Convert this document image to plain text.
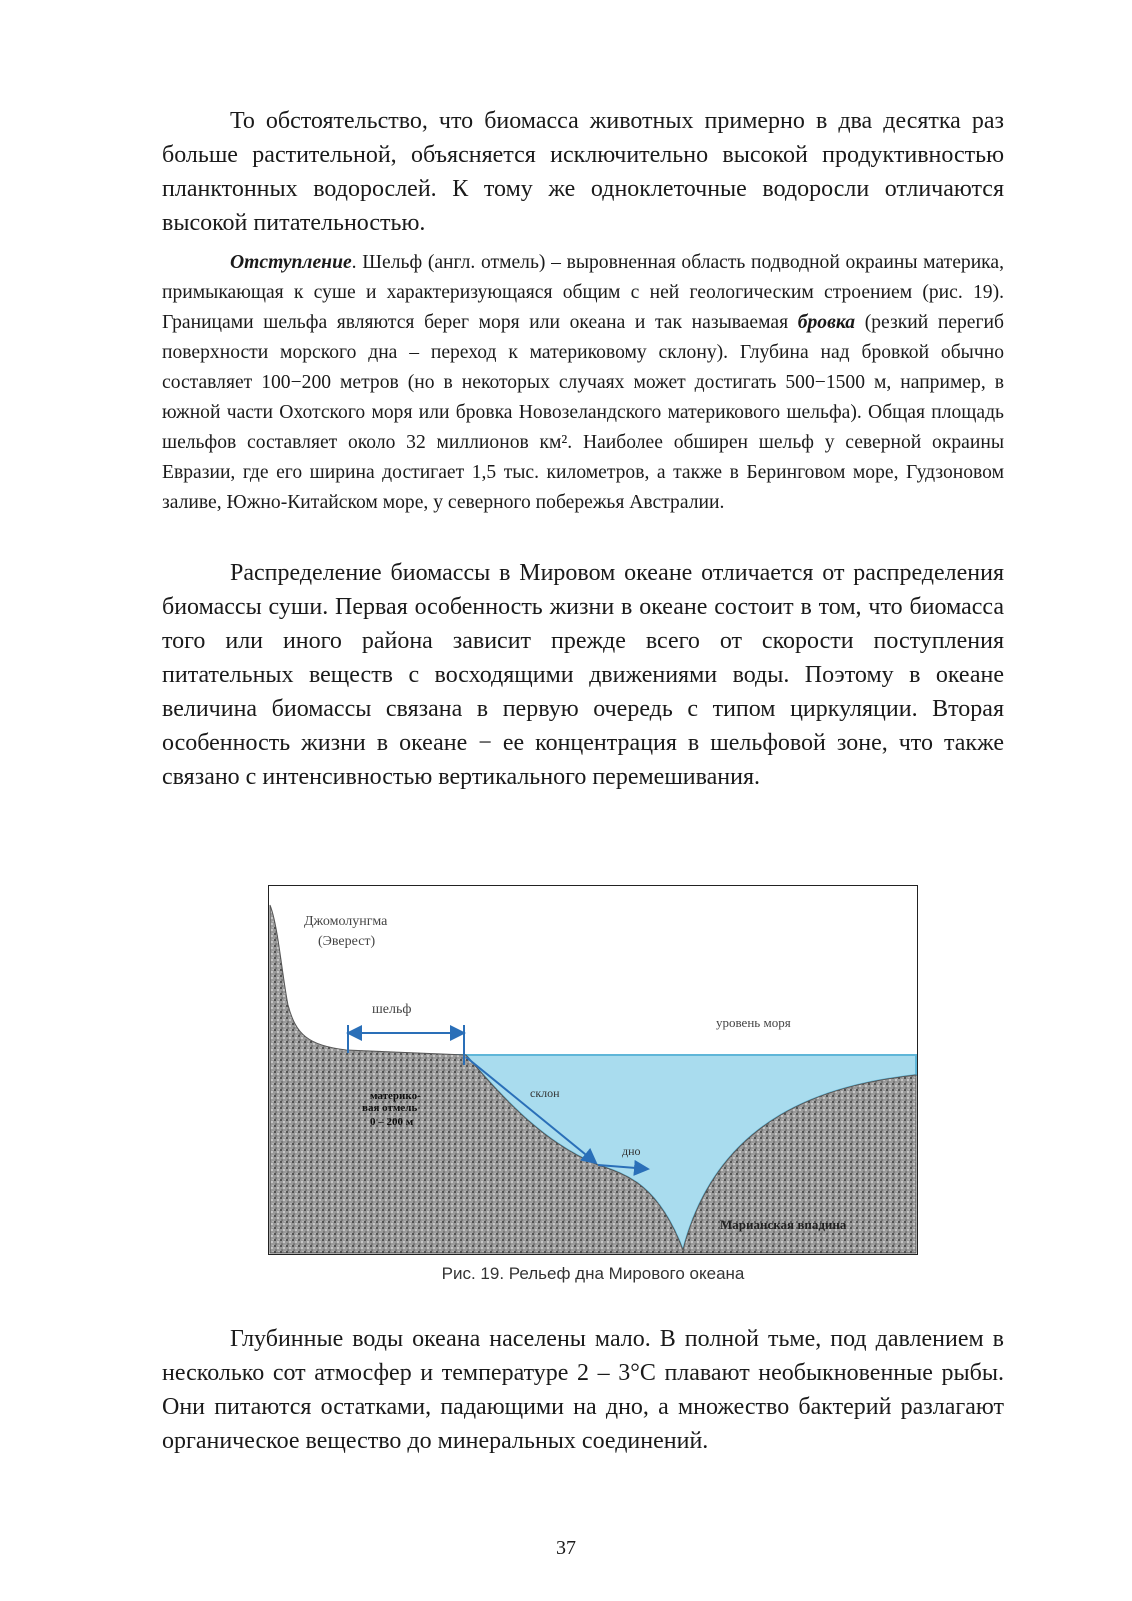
То обстоятельство, что биомасса животных примерно в два десятка раз больше растительной, объясняется исключительно высокой продуктивностью планктонных водорослей. К тому же одноклеточные водоросли отличаются высокой питательностью.

Отступление. Шельф (англ. отмель) – выровненная область подводной окраины материка, примыкающая к суше и характеризующаяся общим с ней геологическим строением (рис. 19). Границами шельфа являются берег моря или океана и так называемая бровка (резкий перегиб поверхности морского дна – переход к материковому склону). Глубина над бровкой обычно составляет 100−200 метров (но в некоторых случаях может достигать 500−1500 м, например, в южной части Охотского моря или бровка Новозеландского материкового шельфа). Общая площадь шельфов составляет около 32 миллионов км². Наиболее обширен шельф у северной окраины Евразии, где его ширина достигает 1,5 тыс. километров, а также в Беринговом море, Гудзоновом заливе, Южно-Китайском море, у северного побережья Австралии.

Распределение биомассы в Мировом океане отличается от распределения биомассы суши. Первая особенность жизни в океане состоит в том, что биомасса того или иного района зависит прежде всего от скорости поступления питательных веществ с восходящими движениями воды. Поэтому в океане величина биомассы связана в первую очередь с типом циркуляции. Вторая особенность жизни в океане − ее концентрация в шельфовой зоне, что также связано с интенсивностью вертикального перемешивания.

Джомолунгма
(Эверест)
шельф
уровень моря
материко-
вая отмель
0 – 200 м
склон
дно
Марианская впадина
Рис. 19. Рельеф дна Мирового океана

Глубинные воды океана населены мало. В полной тьме, под давлением в несколько сот атмосфер и температуре 2 – 3°С плавают необыкновенные рыбы. Они питаются остатками, падающими на дно, а множество бактерий разлагают органическое вещество до минеральных соединений.

37
